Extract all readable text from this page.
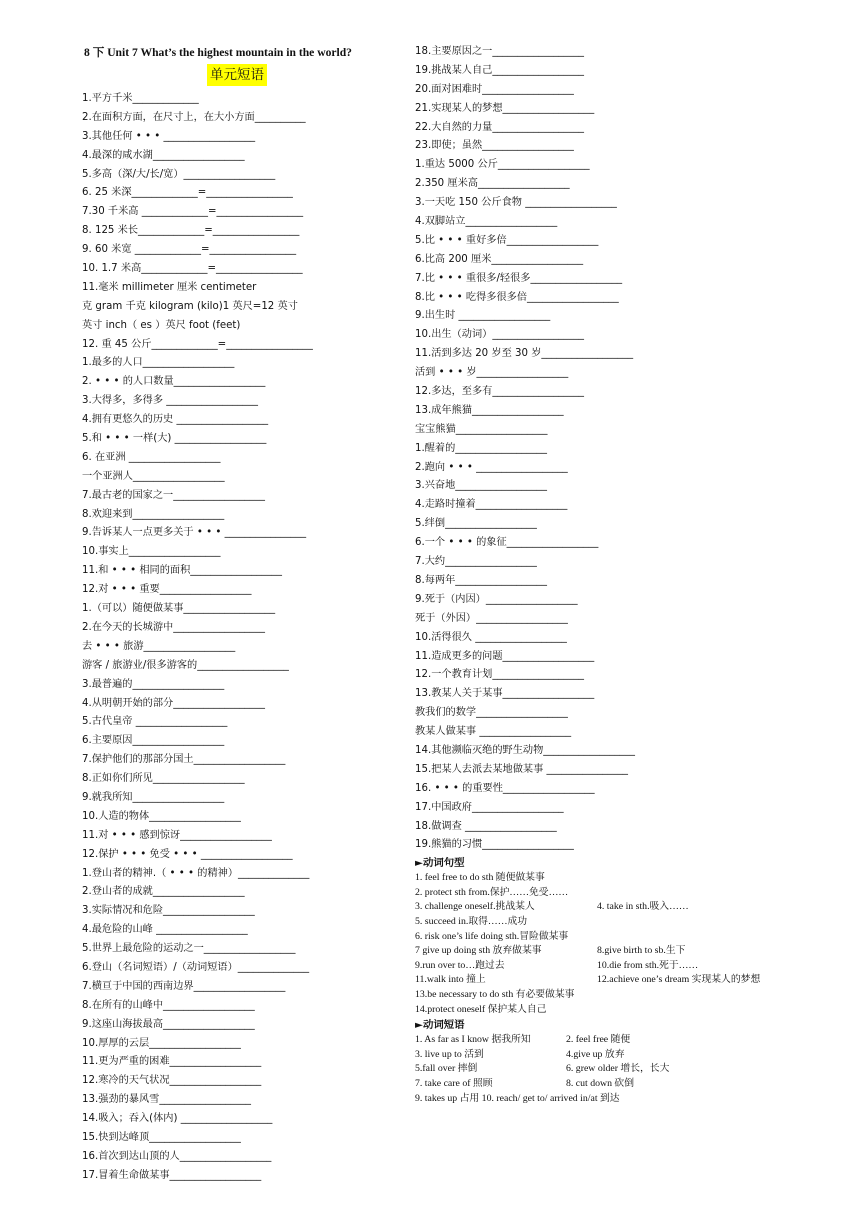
8 下 Unit 7 What’s the highest mountain in the world?
单元短语
1.平方千米_____________
2.在面积方面，在尺寸上，在大小方面__________
3.其他任何 • • • __________________
4.最深的咸水湖__________________
5.多高（深/大/长/宽）__________________
6. 25 米深_____________=_________________
7.30 千米高 _____________=_________________
8. 125 米长_____________=_________________
9. 60 米宽 _____________=_________________
10. 1.7 米高_____________=_________________
11.毫米 millimeter 厘米 centimeter
克 gram 千克 kilogram (kilo)1 英尺=12 英寸
英寸 inch（ es ）英尺 foot (feet)
12. 重 45 公斤_____________=_________________
1.最多的人口__________________
2. • • • 的人口数量__________________
3.大得多，多得多 __________________
4.拥有更悠久的历史 __________________
5.和 • • • 一样(大) __________________
6. 在亚洲 __________________
一个亚洲人__________________
7.最古老的国家之一__________________
8.欢迎来到__________________
9.告诉某人一点更多关于 • • • ________________
10.事实上__________________
11.和 • • • 相同的面积__________________
12.对 • • • 重要__________________
1.（可以）随便做某事__________________
2.在今天的长城游中__________________
去 • • • 旅游__________________
游客 / 旅游业/很多游客的__________________
3.最普遍的__________________
4.从明朝开始的部分__________________
5.古代皇帝 __________________
6.主要原因__________________
7.保护他们的那部分国土__________________
8.正如你们所见__________________
9.就我所知__________________
10.人造的物体__________________
11.对 • • • 感到惊讶__________________
12.保护 • • • 免受 • • • __________________
1.登山者的精神.（ • • • 的精神）______________
2.登山者的成就__________________
3.实际情况和危险__________________
4.最危险的山峰 __________________
5.世界上最危险的运动之一__________________
6.登山（名词短语）/（动词短语）______________
7.横亘于中国的西南边界__________________
8.在所有的山峰中__________________
9.这座山海拔最高__________________
10.厚厚的云层__________________
11.更为严重的困难__________________
12.寒冷的天气状况__________________
13.强劲的暴风雪__________________
14.吸入；吞入(体内) __________________
15.快到达峰顶__________________
16.首次到达山顶的人__________________
17.冒着生命做某事__________________
18.主要原因之一__________________
19.挑战某人自己__________________
20.面对困难时__________________
21.实现某人的梦想__________________
22.大自然的力量__________________
23.即使；虽然__________________
1.重达 5000 公斤__________________
2.350 厘米高__________________
3.一天吃 150 公斤食物 __________________
4.双脚站立__________________
5.比 • • • 重好多倍__________________
6.比高 200 厘米__________________
7.比 • • • 重很多/轻很多__________________
8.比 • • • 吃得多很多倍__________________
9.出生时 __________________
10.出生（动词）__________________
11.活到多达 20 岁至 30 岁__________________
活到 • • • 岁__________________
12.多达，至多有__________________
13.成年熊猫__________________
宝宝熊猫__________________
1.醒着的__________________
2.跑向 • • • __________________
3.兴奋地__________________
4.走路时撞着__________________
5.绊倒__________________
6.一个 • • • 的象征__________________
7.大约__________________
8.每两年__________________
9.死于（内因）__________________
死于（外因）__________________
10.活得很久 __________________
11.造成更多的问题__________________
12.一个教育计划__________________
13.教某人关于某事__________________
教我们的数学__________________
教某人做某事 __________________
14.其他濒临灭绝的野生动物__________________
15.把某人去派去某地做某事 ________________
16. • • • 的重要性__________________
17.中国政府__________________
18.做调查 __________________
19.熊猫的习惯__________________
►动词句型
1. feel free to do sth 随便做某事
2. protect sth from.保护……免受……
3. challenge oneself.挑战某人	4. take in sth.吸入……
5. succeed in.取得……成功
6. risk one’s life doing sth.冒险做某事
7 give up doing sth 放弃做某事	8.give birth to sb.生下
9.run over to…跑过去	10.die from sth.死于……
11.walk into 撞上	12.achieve one’s dream 实现某人的梦想
13.be necessary to do sth 有必要做某事
14.protect oneself 保护某人自己
►动词短语
1. As far as I know 据我所知	2. feel free 随便
3. live up to 活到	4.give up 放弃
5.fall over 摔倒	6. grew older 增长，长大
7. take care of 照顾	8. cut down 砍倒
9. takes up 占用 10. reach/ get to/ arrived in/at 到达
